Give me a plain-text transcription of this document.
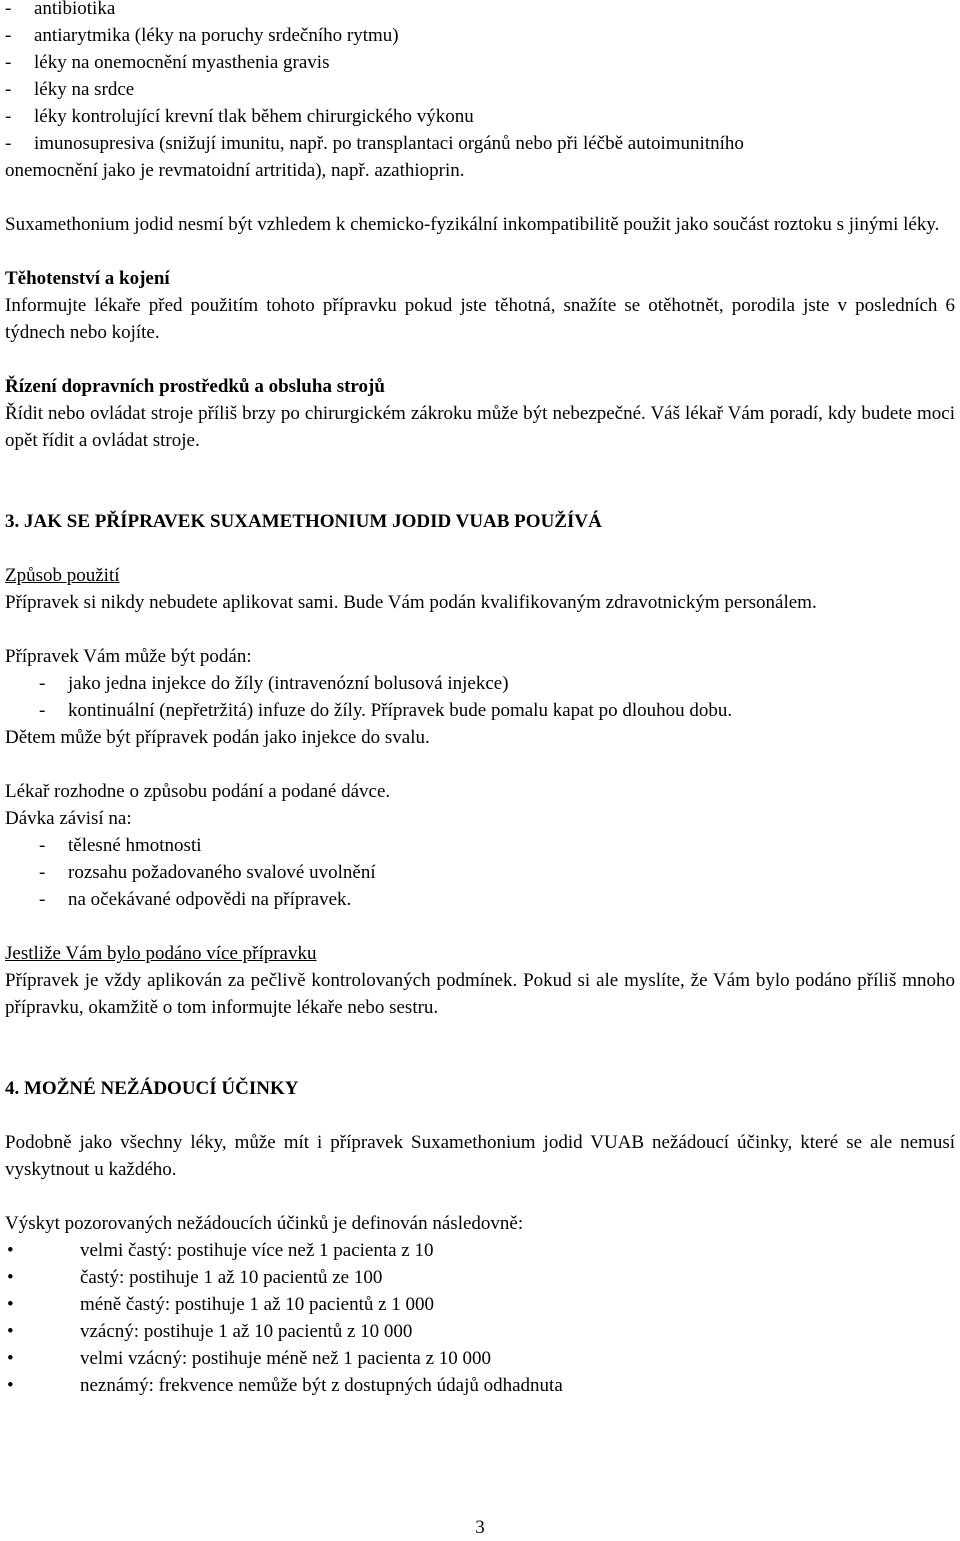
-	antibiotika
-	antiarytmika (léky na poruchy srdečního rytmu)
-	léky na onemocnění myasthenia gravis
-	léky na srdce
-	léky kontrolující krevní tlak během chirurgického výkonu
-	imunosupresiva (snižují imunitu, např. po transplantaci orgánů nebo při léčbě autoimunitního

onemocnění jako je revmatoidní artritida), např. azathioprin.

Suxamethonium jodid nesmí být vzhledem k chemicko-fyzikální inkompatibilitě použit jako součást roztoku s jinými léky.

Těhotenství a kojení

Informujte lékaře před použitím tohoto přípravku pokud jste těhotná, snažíte se otěhotnět, porodila jste v posledních 6 týdnech nebo kojíte.

Řízení dopravních prostředků a obsluha strojů

Řídit nebo ovládat stroje příliš brzy po chirurgickém zákroku může být nebezpečné. Váš lékař Vám poradí, kdy budete moci opět řídit a ovládat stroje.

3. JAK SE PŘÍPRAVEK SUXAMETHONIUM JODID VUAB POUŽÍVÁ

Způsob použití

Přípravek si nikdy nebudete aplikovat sami. Bude Vám podán kvalifikovaným zdravotnickým personálem.

Přípravek Vám může být podán:

-	jako jedna injekce do žíly (intravenózní bolusová injekce)
-	kontinuální (nepřetržitá) infuze do žíly. Přípravek bude pomalu kapat po dlouhou dobu.

Dětem může být přípravek podán jako injekce do svalu.

Lékař rozhodne o způsobu podání a podané dávce.

Dávka závisí na:

-	tělesné hmotnosti
-	rozsahu požadovaného svalové uvolnění
-	na očekávané odpovědi na přípravek.

Jestliže Vám bylo podáno více přípravku

Přípravek je vždy aplikován za pečlivě kontrolovaných podmínek. Pokud si ale myslíte, že Vám bylo podáno příliš mnoho přípravku, okamžitě o tom informujte lékaře nebo sestru.

4. MOŽNÉ NEŽÁDOUCÍ ÚČINKY

Podobně jako všechny léky, může mít i přípravek Suxamethonium jodid VUAB nežádoucí účinky, které se ale nemusí vyskytnout u každého.

Výskyt pozorovaných nežádoucích účinků je definován následovně:

•	velmi častý: postihuje více než 1 pacienta z 10
•	častý: postihuje 1 až 10 pacientů ze 100
•	méně častý: postihuje 1 až 10 pacientů z 1 000
•	vzácný: postihuje 1 až 10 pacientů z 10 000
•	velmi vzácný: postihuje méně než 1 pacienta z 10 000
•	neznámý: frekvence nemůže být z dostupných údajů odhadnuta
3
